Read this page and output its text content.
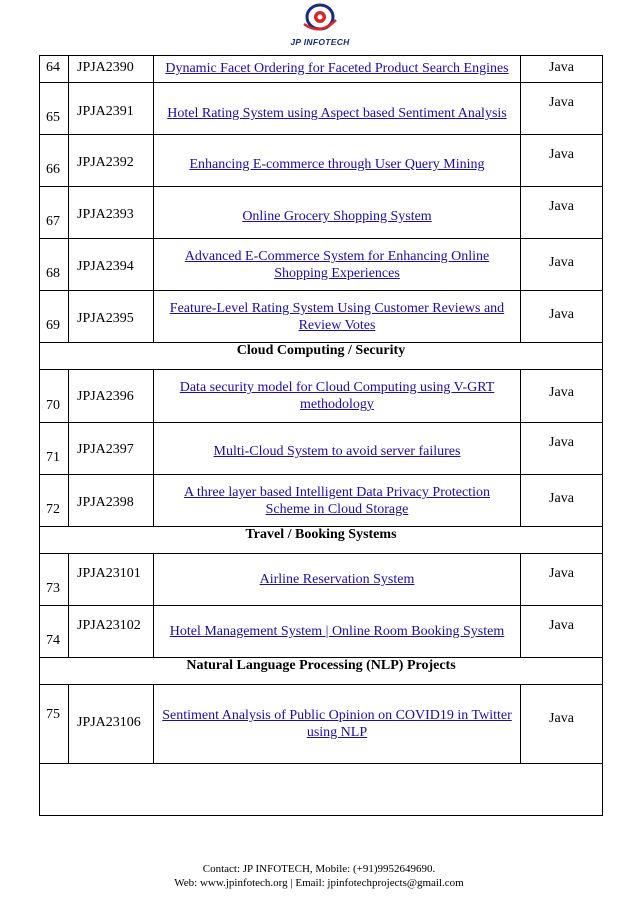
JP INFOTECH
64	JPJA2390	Dynamic Facet Ordering for Faceted Product Search Engines	Java

65	JPJA2391	Hotel Rating System using Aspect based Sentiment Analysis	Java

66	JPJA2392	Enhancing E-commerce through User Query Mining	Java

67	JPJA2393	Online Grocery Shopping System	Java

68	JPJA2394	Advanced E-Commerce System for Enhancing Online Shopping Experiences	Java

69	JPJA2395	Feature-Level Rating System Using Customer Reviews and Review Votes	Java

Cloud Computing / Security			

70	JPJA2396	Data security model for Cloud Computing using V-GRT methodology	Java

71	JPJA2397	Multi-Cloud System to avoid server failures	Java

72	JPJA2398	A three layer based Intelligent Data Privacy Protection Scheme in Cloud Storage	Java

Travel / Booking Systems			

73	JPJA23101	Airline Reservation System	Java

74	JPJA23102	Hotel Management System | Online Room Booking System	Java

Natural Language Processing (NLP) Projects			

75	JPJA23106	Sentiment Analysis of Public Opinion on COVID19 in Twitter using NLP	Java

Contact: JP INFOTECH, Mobile: (+91)9952649690.
Web: www.jpinfotech.org | Email: jpinfotechprojects@gmail.com
